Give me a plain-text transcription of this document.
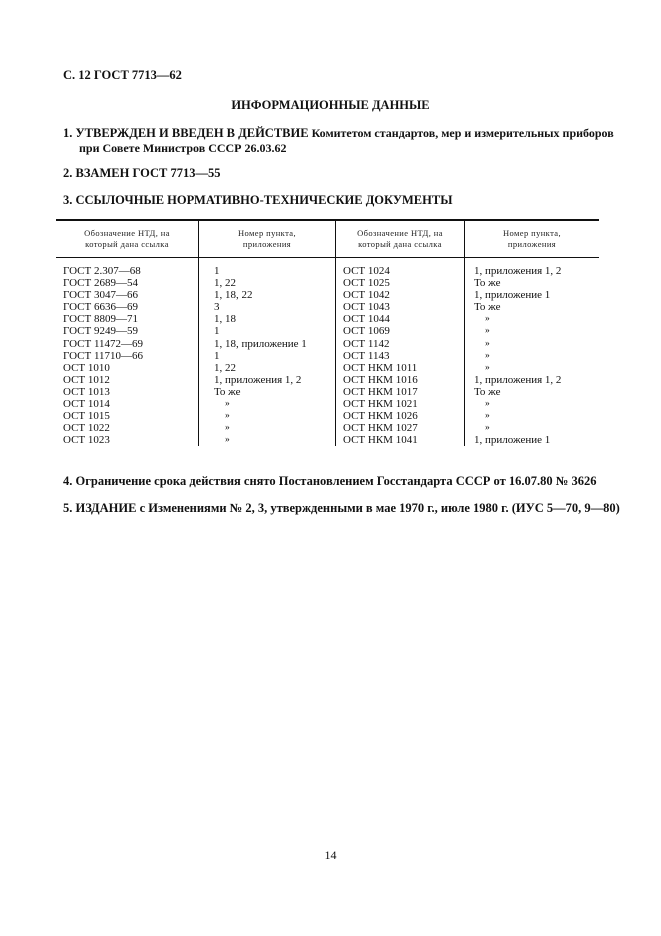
С. 12 ГОСТ 7713—62
ИНФОРМАЦИОННЫЕ ДАННЫЕ
1. УТВЕРЖДЕН И ВВЕДЕН В ДЕЙСТВИЕ Комитетом стандартов, мер и измерительных приборов
при Совете Министров СССР 26.03.62
2. ВЗАМЕН ГОСТ 7713—55
3. ССЫЛОЧНЫЕ НОРМАТИВНО-ТЕХНИЧЕСКИЕ ДОКУМЕНТЫ
Обозначение НТД, на
который дана ссылка
Номер пункта,
приложения
Обозначение НТД, на
который дана ссылка
Номер пункта,
приложения
ГОСТ 2.307—68
ГОСТ 2689—54
ГОСТ 3047—66
ГОСТ 6636—69
ГОСТ 8809—71
ГОСТ 9249—59
ГОСТ 11472—69
ГОСТ 11710—66
ОСТ 1010
ОСТ 1012
ОСТ 1013
ОСТ 1014
ОСТ 1015
ОСТ 1022
ОСТ 1023
1
1, 22
1, 18, 22
3
1, 18
1
1, 18, приложение 1
1
1, 22
1, приложения 1, 2
То же
»
»
»
»
ОСТ 1024
ОСТ 1025
ОСТ 1042
ОСТ 1043
ОСТ 1044
ОСТ 1069
ОСТ 1142
ОСТ 1143
ОСТ НКМ 1011
ОСТ НКМ 1016
ОСТ НКМ 1017
ОСТ НКМ 1021
ОСТ НКМ 1026
ОСТ НКМ 1027
ОСТ НКМ 1041
1, приложения 1, 2
То же
1, приложение 1
То же
»
»
»
»
»
1, приложения 1, 2
То же
»
»
»
1, приложение 1
4. Ограничение срока действия снято Постановлением Госстандарта СССР от 16.07.80 № 3626
5. ИЗДАНИЕ с Изменениями № 2, 3, утвержденными в мае 1970 г., июле 1980 г. (ИУС 5—70, 9—80)
14
